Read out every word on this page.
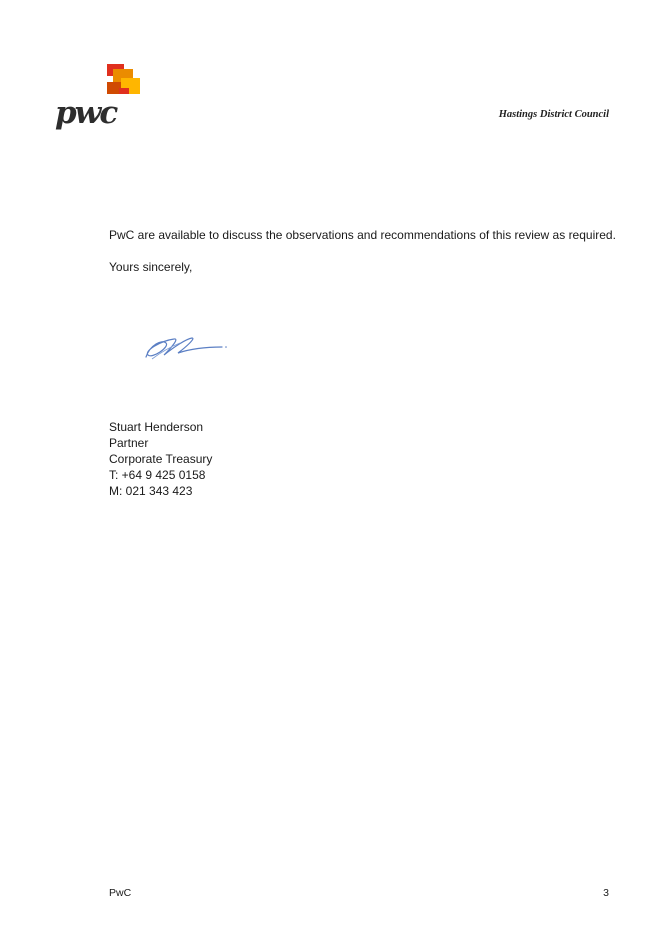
pwc	Hastings District Council
PwC are available to discuss the observations and recommendations of this review as required.
Yours sincerely,
Stuart Henderson
Partner
Corporate Treasury
T: +64 9 425 0158
M: 021 343 423
PwC	3
